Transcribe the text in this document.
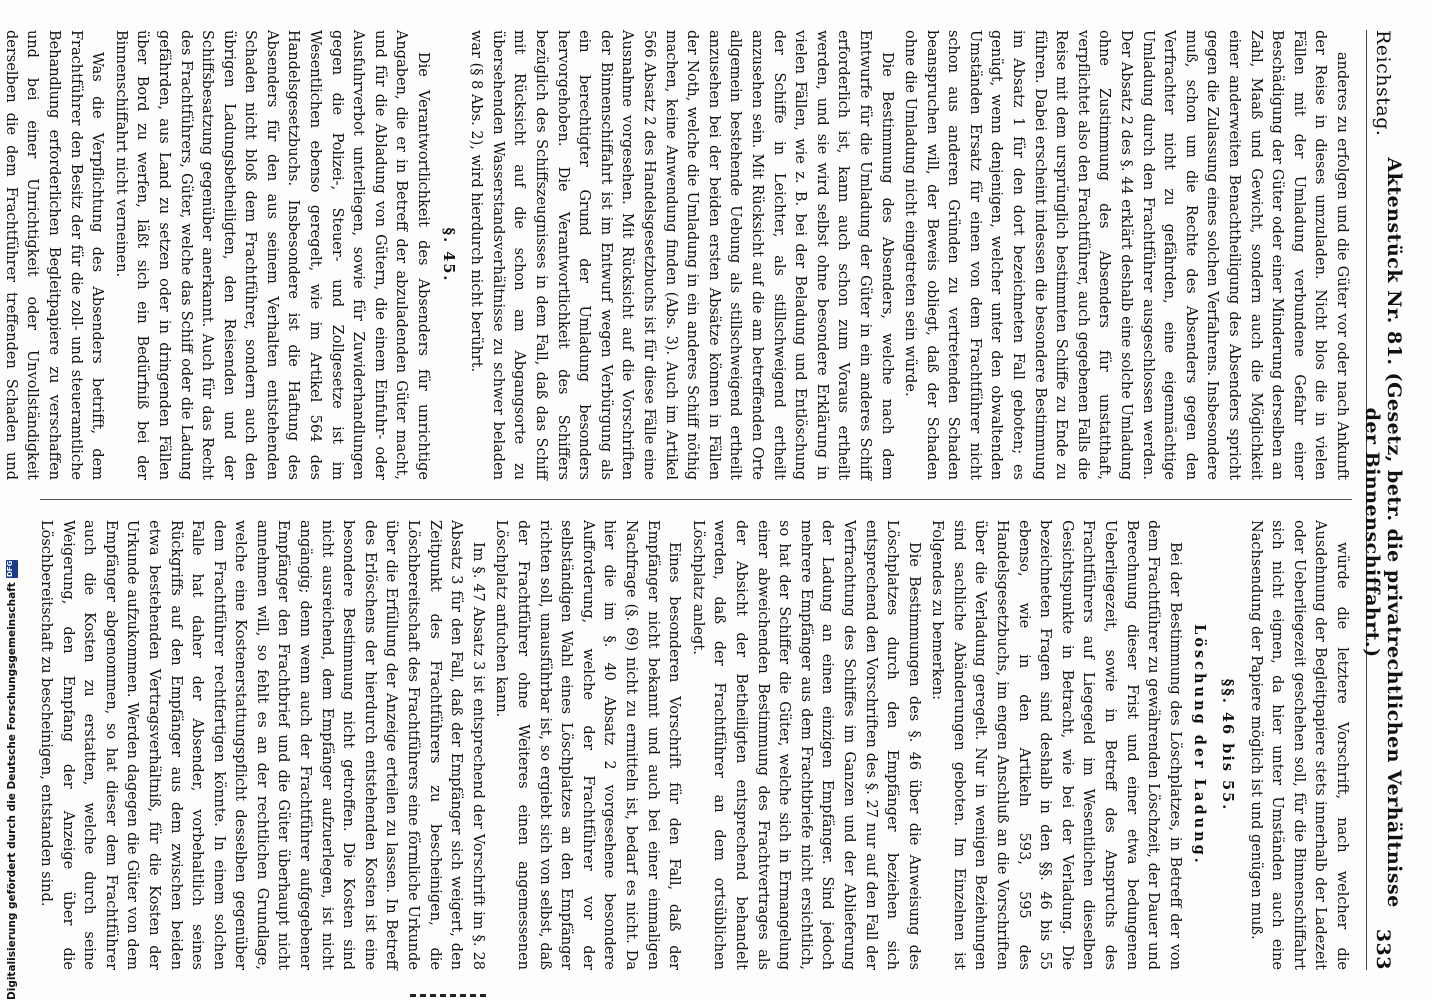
Reichstag.
Aktenstück Nr. 81. (Gesetz, betr. die privatrechtlichen Verhältnisse der Binnenschiffahrt.)
333

anderes zu erfolgen und die Güter vor oder nach Ankunft der Reise in dieses umzuladen. Nicht blos die in vielen Fällen mit der Umladung verbundene Gefahr einer Beschädigung der Güter oder einer Minderung derselben an Zahl, Maaß und Gewicht, sondern auch die Möglichkeit einer anderweiten Benachtheiligung des Absenders spricht gegen die Zulassung eines solchen Verfahrens. Insbesondere muß, schon um die Rechte des Absenders gegen den Verfrachter nicht zu gefährden, eine eigenmächtige Umladung durch den Frachtführer ausgeschlossen werden. Der Absatz 2 des §. 44 erklärt deshalb eine solche Umladung ohne Zustimmung des Absenders für unstatthaft, verpflichtet also den Frachtführer, auch gegebenen Falls die Reise mit dem ursprünglich bestimmten Schiffe zu Ende zu führen. Dabei erscheint indessen die besondere Bestimmung im Absatz 1 für den dort bezeichneten Fall geboten; es genügt, wenn denjenigen, welcher unter den obwaltenden Umständen Ersatz für einen von dem Frachtführer nicht schon aus anderen Gründen zu vertretenden Schaden beanspruchen will, der Beweis obliegt, daß der Schaden ohne die Umladung nicht eingetreten sein würde.

Die Bestimmung des Absenders, welche nach dem Entwurfe für die Umladung der Güter in ein anderes Schiff erforderlich ist, kann auch schon zum Voraus ertheilt werden, und sie wird selbst ohne besondere Erklärung in vielen Fällen, wie z. B. bei der Beladung und Entlöschung der Schiffe in Leichter, als stillschweigend ertheilt anzusehen sein. Mit Rücksicht auf die am betreffenden Orte allgemein bestehende Uebung als stillschweigend ertheilt anzusehen bei der beiden ersten Absätze können in Fällen der Noth, welche die Umladung in ein anderes Schiff nöthig machen, keine Anwendung finden (Abs. 3). Auch im Artikel 566 Absatz 2 des Handelsgesetzbuchs ist für diese Fälle eine Ausnahme vorgesehen. Mit Rücksicht auf die Vorschriften der Binnenschiffahrt ist im Entwurf wegen Verbürgung als ein berechtigter Grund der Umladung besonders hervorgehoben. Die Verantwortlichkeit des Schiffers bezüglich des Schiffszeugnisses in dem Fall, daß das Schiff mit Rücksicht auf die schon am Abgangsorte zu übersehenden Wasserstandsverhältnisse zu schwer beladen war (§ 8 Abs. 2), wird hierdurch nicht berührt.

§. 45.

Die Verantwortlichkeit des Absenders für unrichtige Angaben, die er in Betreff der abzuladenden Güter macht, und für die Abladung von Gütern, die einem Einfuhr- oder Ausfuhrverbot unterliegen, sowie für Zuwiderhandlungen gegen die Polizei-, Steuer- und Zollgesetze ist im Wesentlichen ebenso geregelt, wie im Artikel 564 des Handelsgesetzbuchs. Insbesondere ist die Haftung des Absenders für den aus seinem Verhalten entstehenden Schaden nicht bloß dem Frachtführer, sondern auch den übrigen Ladungsbetheiligten, den Reisenden und der Schiffsbesatzung gegenüber anerkannt. Auch für das Recht des Frachtführers, Güter, welche das Schiff oder die Ladung gefährden, aus Land zu setzen oder in dringenden Fällen über Bord zu werfen, läßt sich ein Bedürfniß bei der Binnenschiffahrt nicht verneinen.

Was die Verpflichtung des Absenders betrifft, dem Frachtführer den Besitz der für die zoll- und steueramtliche Behandlung erforderlichen Begleitpapiere zu verschaffen und bei einer Unrichtigkeit oder Unvollständigkeit derselben die dem Frachtführer treffenden Schaden und

würde die letztere Vorschrift, nach welcher die Ausdehnung der Begleitpapiere stets innerhalb der Ladezeit oder Ueberliegezeit geschehen soll, für die Binnenschiffahrt sich nicht eignen, da hier unter Umständen auch eine Nachsendung der Papiere möglich ist und genügen muß.

§§. 46 bis 55.
Löschung der Ladung.

Bei der Bestimmung des Löschplatzes, in Betreff der von dem Frachtführer zu gewährenden Löschzeit, der Dauer und Berechnung dieser Frist und einer etwa bedungenen Ueberliegezeit, sowie in Betreff des Anspruchs des Frachtführers auf Liegegeld im Wesentlichen dieselben Gesichtspunkte in Betracht, wie bei der Verladung. Die bezeichneten Fragen sind deshalb in den §§. 46 bis 55 ebenso, wie in den Artikeln 593, 595 des Handelsgesetzbuchs, im engen Anschluß an die Vorschriften über die Verladung geregelt. Nur in wenigen Beziehungen sind sachliche Abänderungen geboten. Im Einzelnen ist Folgendes zu bemerken:

Die Bestimmungen des §. 46 über die Anweisung des Löschplatzes durch den Empfänger beziehen sich entsprechend den Vorschriften des §. 27 nur auf den Fall der Verfrachtung des Schiffes im Ganzen und der Ablieferung der Ladung an einen einzigen Empfänger. Sind jedoch mehrere Empfänger aus dem Frachtbriefe nicht ersichtlich, so hat der Schiffer die Güter, welche sich in Ermangelung einer abweichenden Bestimmung des Frachtvertrages als der Absicht der Betheiligten entsprechend behandelt werden, daß der Frachtführer an dem ortsüblichen Löschplatz anlegt.

Eines besonderen Vorschrift für den Fall, daß der Empfänger nicht bekannt und auch bei einer einmaligen Nachfrage (§. 69) nicht zu ermitteln ist, bedarf es nicht. Da hier die im §. 40 Absatz 2 vorgesehene besondere Aufforderung, welche der Frachtführer vor der selbständigen Wahl eines Löschplatzes an den Empfänger richten soll, unausführbar ist, so ergiebt sich von selbst, daß der Frachtführer ohne Weiteres einen angemessenen Löschplatz anfuchen kann.

Im §. 47 Absatz 3 ist entsprechend der Vorschrift im §. 28 Absatz 3 für den Fall, daß der Empfänger sich weigert, den Zeitpunkt des Frachtführers zu bescheinigen, die Löschbereitschaft des Frachtführers eine förmliche Urkunde über die Erfüllung der Anzeige erteilen zu lassen. In Betreff des Erlöschens der hierdurch entstehenden Kosten ist eine besondere Bestimmung nicht getroffen. Die Kosten sind nicht ausreichend, dem Empfänger aufzuerlegen, ist nicht angängig; denn wenn auch der Frachtführer aufgegebener Empfänger den Frachtbrief und die Güter überhaupt nicht annehmen will, so fehlt es an der rechtlichen Grundlage, welche eine Kostenerstattungspflicht desselben gegenüber dem Frachtführer rechtfertigen könnte. In einem solchen Falle hat daher der Absender, vorbehaltlich seines Rückgriffs auf den Empfänger aus dem zwischen beiden etwa bestehenden Vertragsverhältniß, für die Kosten der Urkunde aufzukommen. Werden dagegen die Güter von dem Empfänger abgenommen, so hat dieser dem Frachtführer auch die Kosten zu erstatten, welche durch seine Weigerung, den Empfang der Anzeige über die Löschbereitschaft zu bescheinigen, entstanden sind.

Digitalisierung gefördert durch die Deutsche Forschungsgemeinschaft
DFG
